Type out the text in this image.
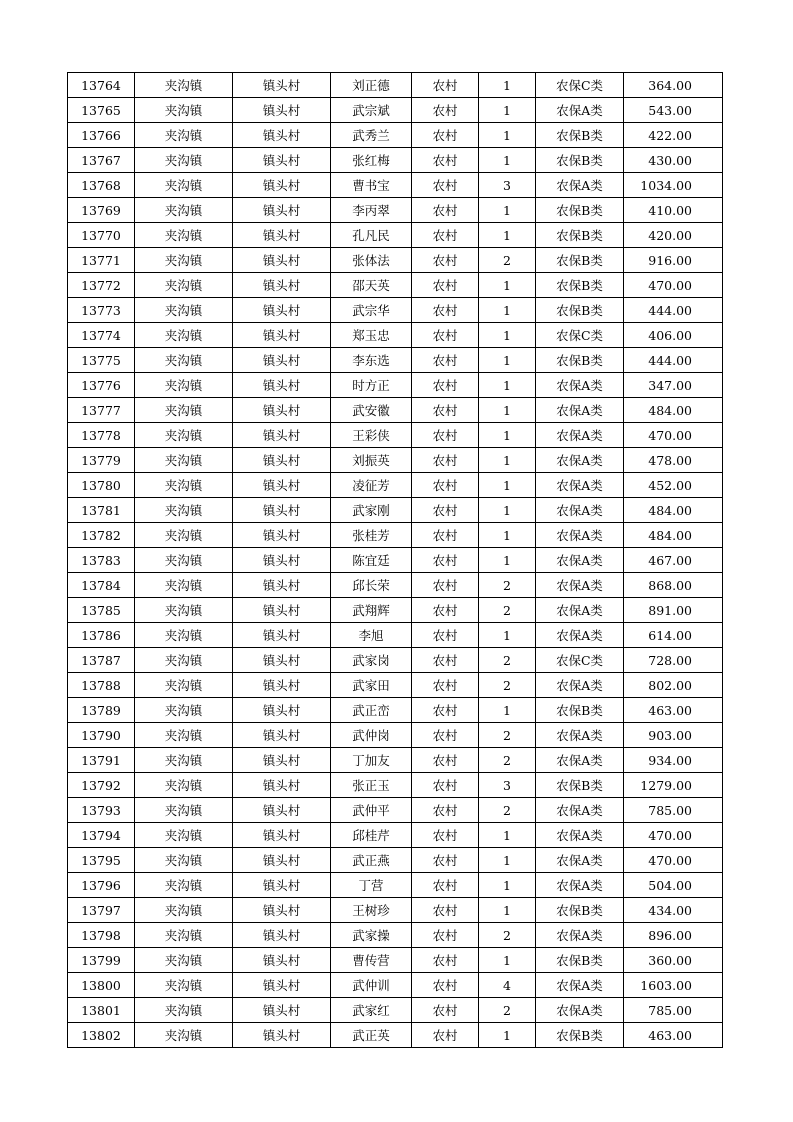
13764	夹沟镇	镇头村	刘正德	农村	1	农保C类	364.00
13765	夹沟镇	镇头村	武宗斌	农村	1	农保A类	543.00
13766	夹沟镇	镇头村	武秀兰	农村	1	农保B类	422.00
13767	夹沟镇	镇头村	张红梅	农村	1	农保B类	430.00
13768	夹沟镇	镇头村	曹书宝	农村	3	农保A类	1034.00
13769	夹沟镇	镇头村	李丙翠	农村	1	农保B类	410.00
13770	夹沟镇	镇头村	孔凡民	农村	1	农保B类	420.00
13771	夹沟镇	镇头村	张体法	农村	2	农保B类	916.00
13772	夹沟镇	镇头村	邵天英	农村	1	农保B类	470.00
13773	夹沟镇	镇头村	武宗华	农村	1	农保B类	444.00
13774	夹沟镇	镇头村	郑玉忠	农村	1	农保C类	406.00
13775	夹沟镇	镇头村	李东选	农村	1	农保B类	444.00
13776	夹沟镇	镇头村	时方正	农村	1	农保A类	347.00
13777	夹沟镇	镇头村	武安徽	农村	1	农保A类	484.00
13778	夹沟镇	镇头村	王彩侠	农村	1	农保A类	470.00
13779	夹沟镇	镇头村	刘振英	农村	1	农保A类	478.00
13780	夹沟镇	镇头村	凌征芳	农村	1	农保A类	452.00
13781	夹沟镇	镇头村	武家刚	农村	1	农保A类	484.00
13782	夹沟镇	镇头村	张桂芳	农村	1	农保A类	484.00
13783	夹沟镇	镇头村	陈宜廷	农村	1	农保A类	467.00
13784	夹沟镇	镇头村	邱长荣	农村	2	农保A类	868.00
13785	夹沟镇	镇头村	武翔辉	农村	2	农保A类	891.00
13786	夹沟镇	镇头村	李旭	农村	1	农保A类	614.00
13787	夹沟镇	镇头村	武家岗	农村	2	农保C类	728.00
13788	夹沟镇	镇头村	武家田	农村	2	农保A类	802.00
13789	夹沟镇	镇头村	武正峦	农村	1	农保B类	463.00
13790	夹沟镇	镇头村	武仲岗	农村	2	农保A类	903.00
13791	夹沟镇	镇头村	丁加友	农村	2	农保A类	934.00
13792	夹沟镇	镇头村	张正玉	农村	3	农保B类	1279.00
13793	夹沟镇	镇头村	武仲平	农村	2	农保A类	785.00
13794	夹沟镇	镇头村	邱桂芹	农村	1	农保A类	470.00
13795	夹沟镇	镇头村	武正燕	农村	1	农保A类	470.00
13796	夹沟镇	镇头村	丁营	农村	1	农保A类	504.00
13797	夹沟镇	镇头村	王树珍	农村	1	农保B类	434.00
13798	夹沟镇	镇头村	武家操	农村	2	农保A类	896.00
13799	夹沟镇	镇头村	曹传营	农村	1	农保B类	360.00
13800	夹沟镇	镇头村	武仲训	农村	4	农保A类	1603.00
13801	夹沟镇	镇头村	武家红	农村	2	农保A类	785.00
13802	夹沟镇	镇头村	武正英	农村	1	农保B类	463.00
